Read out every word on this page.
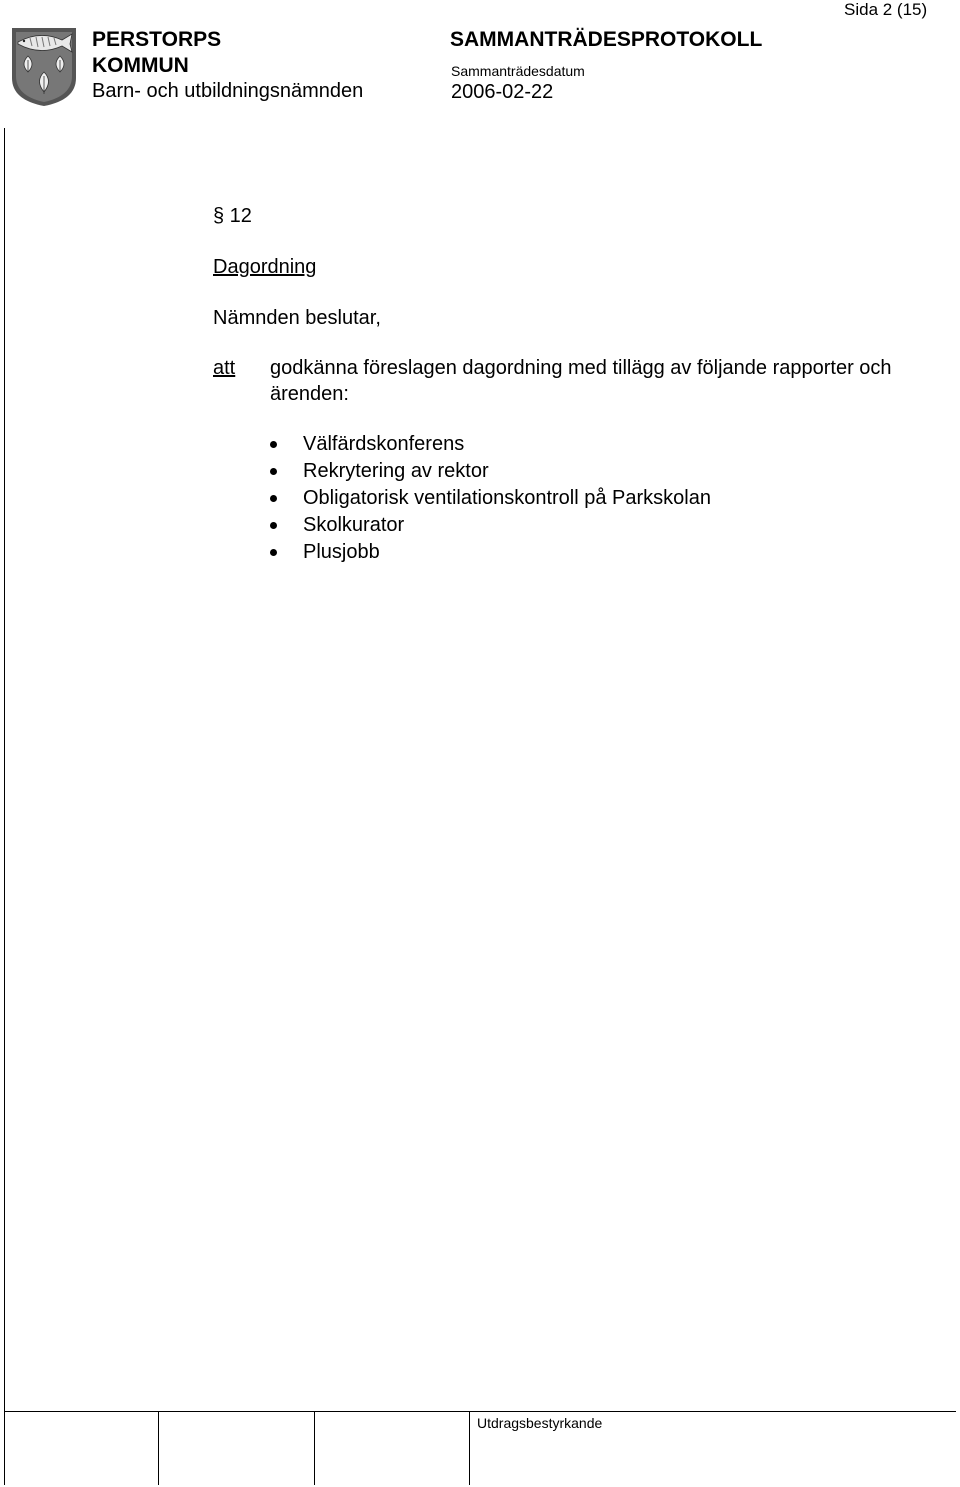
PERSTORPS
KOMMUN
Barn- och utbildningsnämnden
SAMMANTRÄDESPROTOKOLL
Sammanträdesdatum
2006-02-22
Sida 2 (15)
§ 12
Dagordning
Nämnden beslutar,
att godkänna föreslagen dagordning med tillägg av följande rapporter och ärenden:
Välfärdskonferens
Rekrytering av rektor
Obligatorisk ventilationskontroll på Parkskolan
Skolkurator
Plusjobb
Utdragsbestyrkande
